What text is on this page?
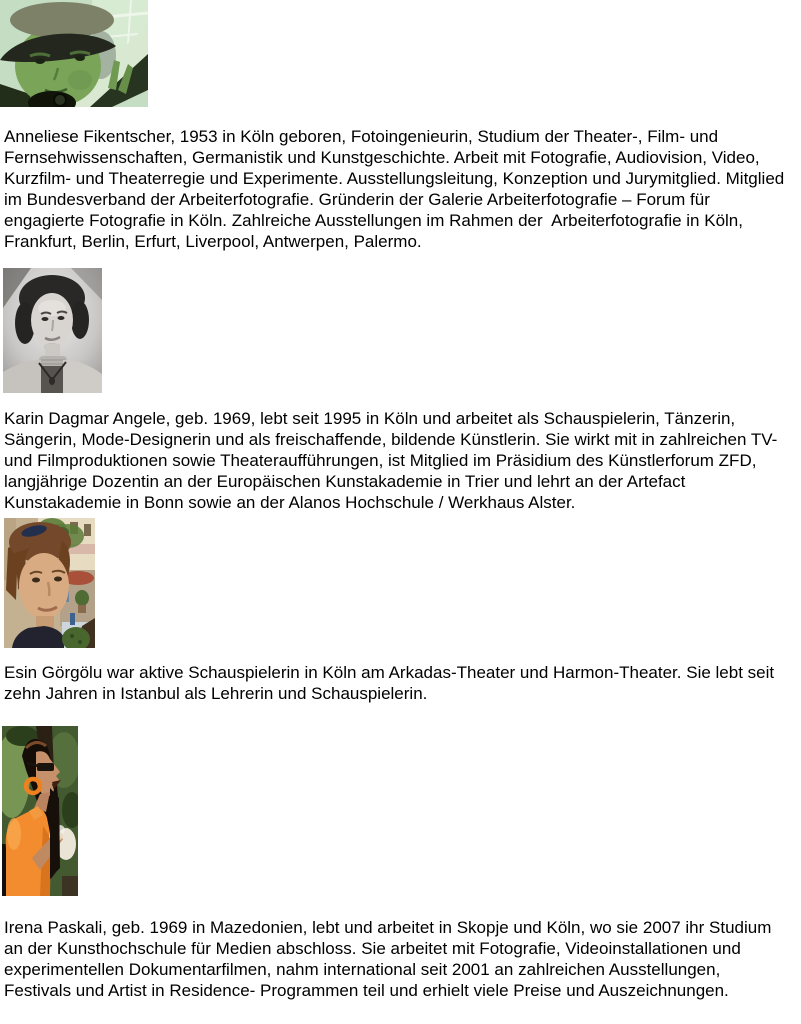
Anneliese Fikentscher, 1953 in Köln geboren, Fotoingenieurin, Studium der Theater-, Film- und Fernsehwissenschaften, Germanistik und Kunstgeschichte. Arbeit mit Fotografie, Audiovision, Video, Kurzfilm- und Theaterregie und Experimente. Ausstellungsleitung, Konzeption und Jurymitglied. Mitglied im Bundesverband der Arbeiterfotografie. Gründerin der Galerie Arbeiterfotografie – Forum für engagierte Fotografie in Köln. Zahlreiche Ausstellungen im Rahmen der  Arbeiterfotografie in Köln, Frankfurt, Berlin, Erfurt, Liverpool, Antwerpen, Palermo.

Karin Dagmar Angele, geb. 1969, lebt seit 1995 in Köln und arbeitet als Schauspielerin, Tänzerin, Sängerin, Mode-Designerin und als freischaffende, bildende Künstlerin. Sie wirkt mit in zahlreichen TV- und Filmproduktionen sowie Theateraufführungen, ist Mitglied im Präsidium des Künstlerforum ZFD, langjährige Dozentin an der Europäischen Kunstakademie in Trier und lehrt an der Artefact Kunstakademie in Bonn sowie an der Alanos Hochschule / Werkhaus Alster.

Esin Görgölu war aktive Schauspielerin in Köln am Arkadas-Theater und Harmon-Theater. Sie lebt seit zehn Jahren in Istanbul als Lehrerin und Schauspielerin.

Irena Paskali, geb. 1969 in Mazedonien, lebt und arbeitet in Skopje und Köln, wo sie 2007 ihr Studium an der Kunsthochschule für Medien abschloss. Sie arbeitet mit Fotografie, Videoinstallationen und experimentellen Dokumentarfilmen, nahm international seit 2001 an zahlreichen Ausstellungen, Festivals und Artist in Residence- Programmen teil und erhielt viele Preise und Auszeichnungen.
